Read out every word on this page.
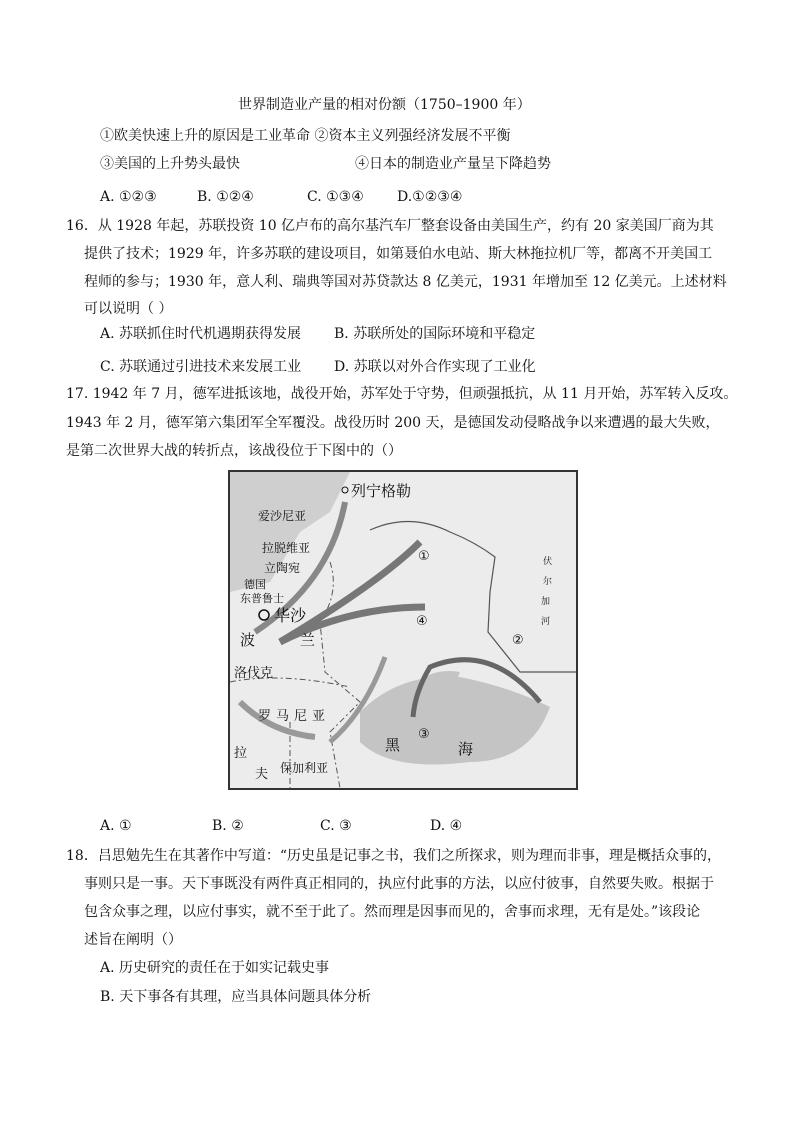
世界制造业产量的相对份额（1750–1900 年）
①欧美快速上升的原因是工业革命 ②资本主义列强经济发展不平衡
③美国的上升势头最快	④日本的制造业产量呈下降趋势
A. ①②③	B. ①②④	C. ①③④ D.①②③④
16．从 1928 年起，苏联投资 10 亿卢布的高尔基汽车厂整套设备由美国生产，约有 20 家美国厂商为其
提供了技术；1929 年，许多苏联的建设项目，如第聂伯水电站、斯大林拖拉机厂等，都离不开美国工
程师的参与；1930 年，意人利、瑞典等国对苏贷款达 8 亿美元，1931 年增加至 12 亿美元。上述材料
可以说明（ ）
A. 苏联抓住时代机遇期获得发展 B. 苏联所处的国际环境和平稳定
C. 苏联通过引进技术来发展工业 D. 苏联以对外合作实现了工业化
17. 1942 年 7 月，德军进抵该地，战役开始，苏军处于守势，但顽强抵抗，从 11 月开始，苏军转入反攻。
1943 年 2 月，德军第六集团军全军覆没。战役历时 200 天，是德国发动侵略战争以来遭遇的最大失败，
是第二次世界大战的转折点，该战役位于下图中的（）
列宁格勒
爱沙尼亚
拉脱维亚
立陶宛
德国
东普鲁士
华沙
波	兰
洛伐克
罗马尼亚
保加利亚
拉
夫
黑	海
伏
尔
加
河
①
②
③
④
A. ①	B. ②	C. ③	D. ④
18．吕思勉先生在其著作中写道：“历史虽是记事之书，我们之所探求，则为理而非事，理是概括众事的，
事则只是一事。天下事既没有两件真正相同的，执应付此事的方法，以应付彼事，自然要失败。根据于
包含众事之理，以应付事实，就不至于此了。然而理是因事而见的，舍事而求理，无有是处。”该段论
述旨在阐明（）
A. 历史研究的责任在于如实记载史事
B. 天下事各有其理，应当具体问题具体分析
